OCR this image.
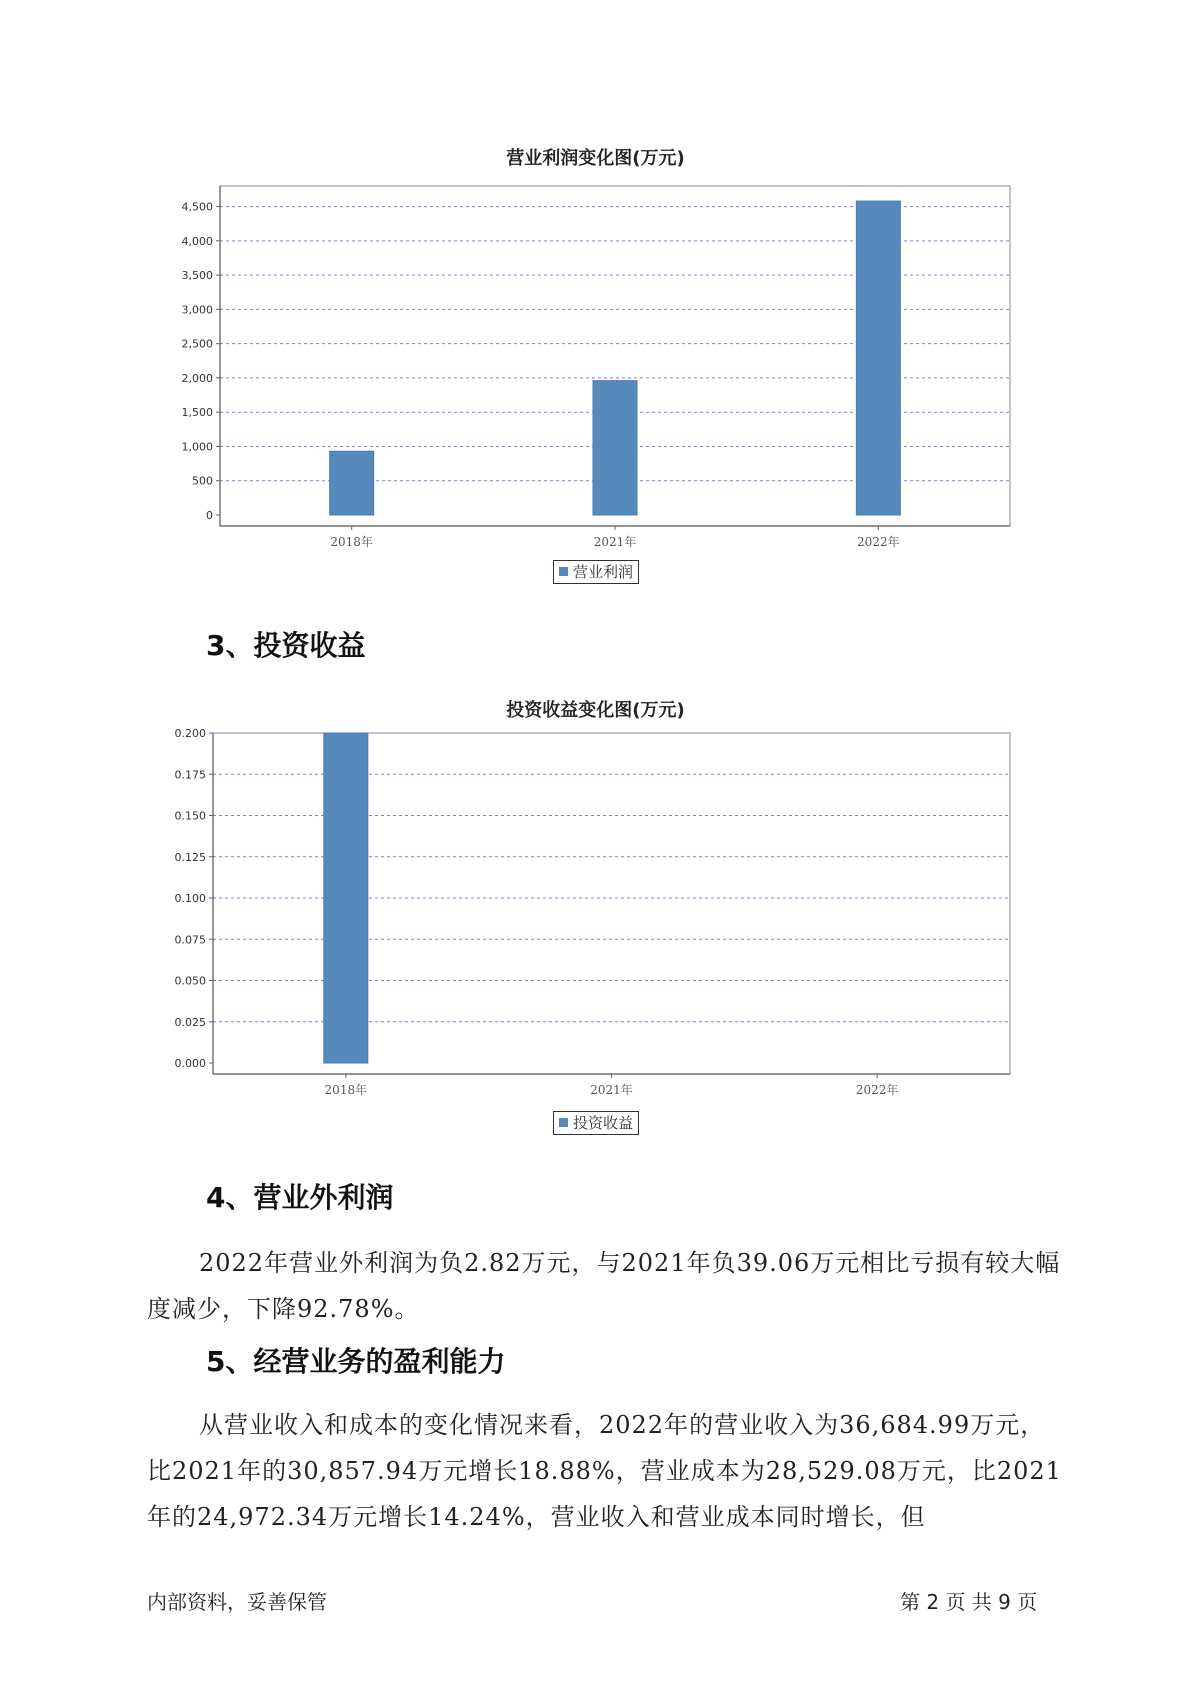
营业利润变化图(万元)
0
500
1,000
1,500
2,000
2,500
3,000
3,500
4,000
4,500
2018年	2021年	2022年
营业利润
3、投资收益
投资收益变化图(万元)
0.000
0.025
0.050
0.075
0.100
0.125
0.150
0.175
0.200
2018年	2021年	2022年
投资收益
4、营业外利润
2022年营业外利润为负2.82万元，与2021年负39.06万元相比亏损有较大幅度减少，下降92.78%。
5、经营业务的盈利能力
从营业收入和成本的变化情况来看，2022年的营业收入为36,684.99万元，比2021年的30,857.94万元增长18.88%，营业成本为28,529.08万元，比2021年的24,972.34万元增长14.24%，营业收入和营业成本同时增长，但
内部资料，妥善保管	第 2 页 共 9 页
